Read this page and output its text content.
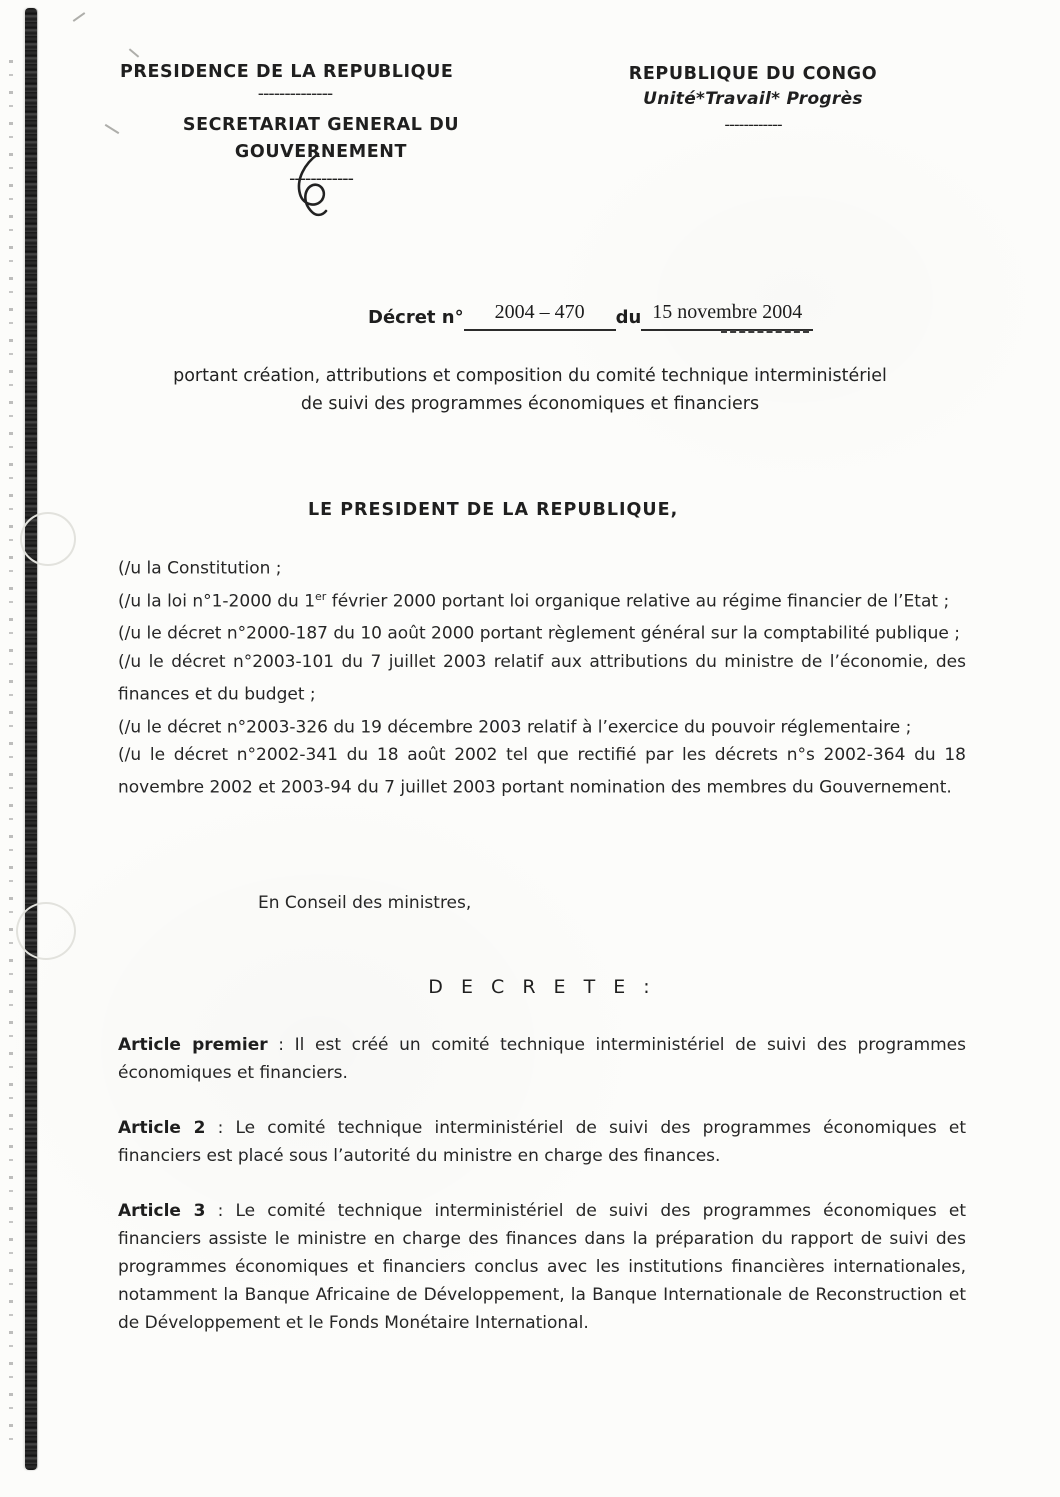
PRESIDENCE DE LA REPUBLIQUE

--------------

SECRETARIAT GENERAL DU

GOUVERNEMENT

------------

REPUBLIQUE DU CONGO

Unité*Travail* Progrès

------------

Décret n°	2004 – 470	du 15 novembre 2004

portant création, attributions et composition du comité technique interministériel

de suivi des programmes économiques et financiers

LE PRESIDENT DE LA REPUBLIQUE,

(/u la Constitution ;

(/u la loi n°1-2000 du 1er février 2000 portant loi organique relative au régime financier de l’Etat ;

(/u le décret n°2000-187 du 10 août 2000 portant règlement général sur la comptabilité publique ;

(/u le décret n°2003-101 du 7 juillet 2003 relatif aux attributions du ministre de l’économie, des finances et du budget ;

(/u le décret n°2003-326 du 19 décembre 2003 relatif à l’exercice du pouvoir réglementaire ;

(/u le décret n°2002-341 du 18 août 2002 tel que rectifié par les décrets n°s 2002-364 du 18 novembre 2002 et 2003-94 du 7 juillet 2003 portant nomination des membres du Gouvernement.

En Conseil des ministres,
D E C R E T E :

Article premier : Il est créé un comité technique interministériel de suivi des programmes économiques et financiers.

Article 2 : Le comité technique interministériel de suivi des programmes économiques et financiers est placé sous l’autorité du ministre en charge des finances.

Article 3 : Le comité technique interministériel de suivi des programmes économiques et financiers assiste le ministre en charge des finances dans la préparation du rapport de suivi des programmes économiques et financiers conclus avec les institutions financières internationales, notamment la Banque Africaine de Développement, la Banque Internationale de Reconstruction et de Développement et le Fonds Monétaire International.
